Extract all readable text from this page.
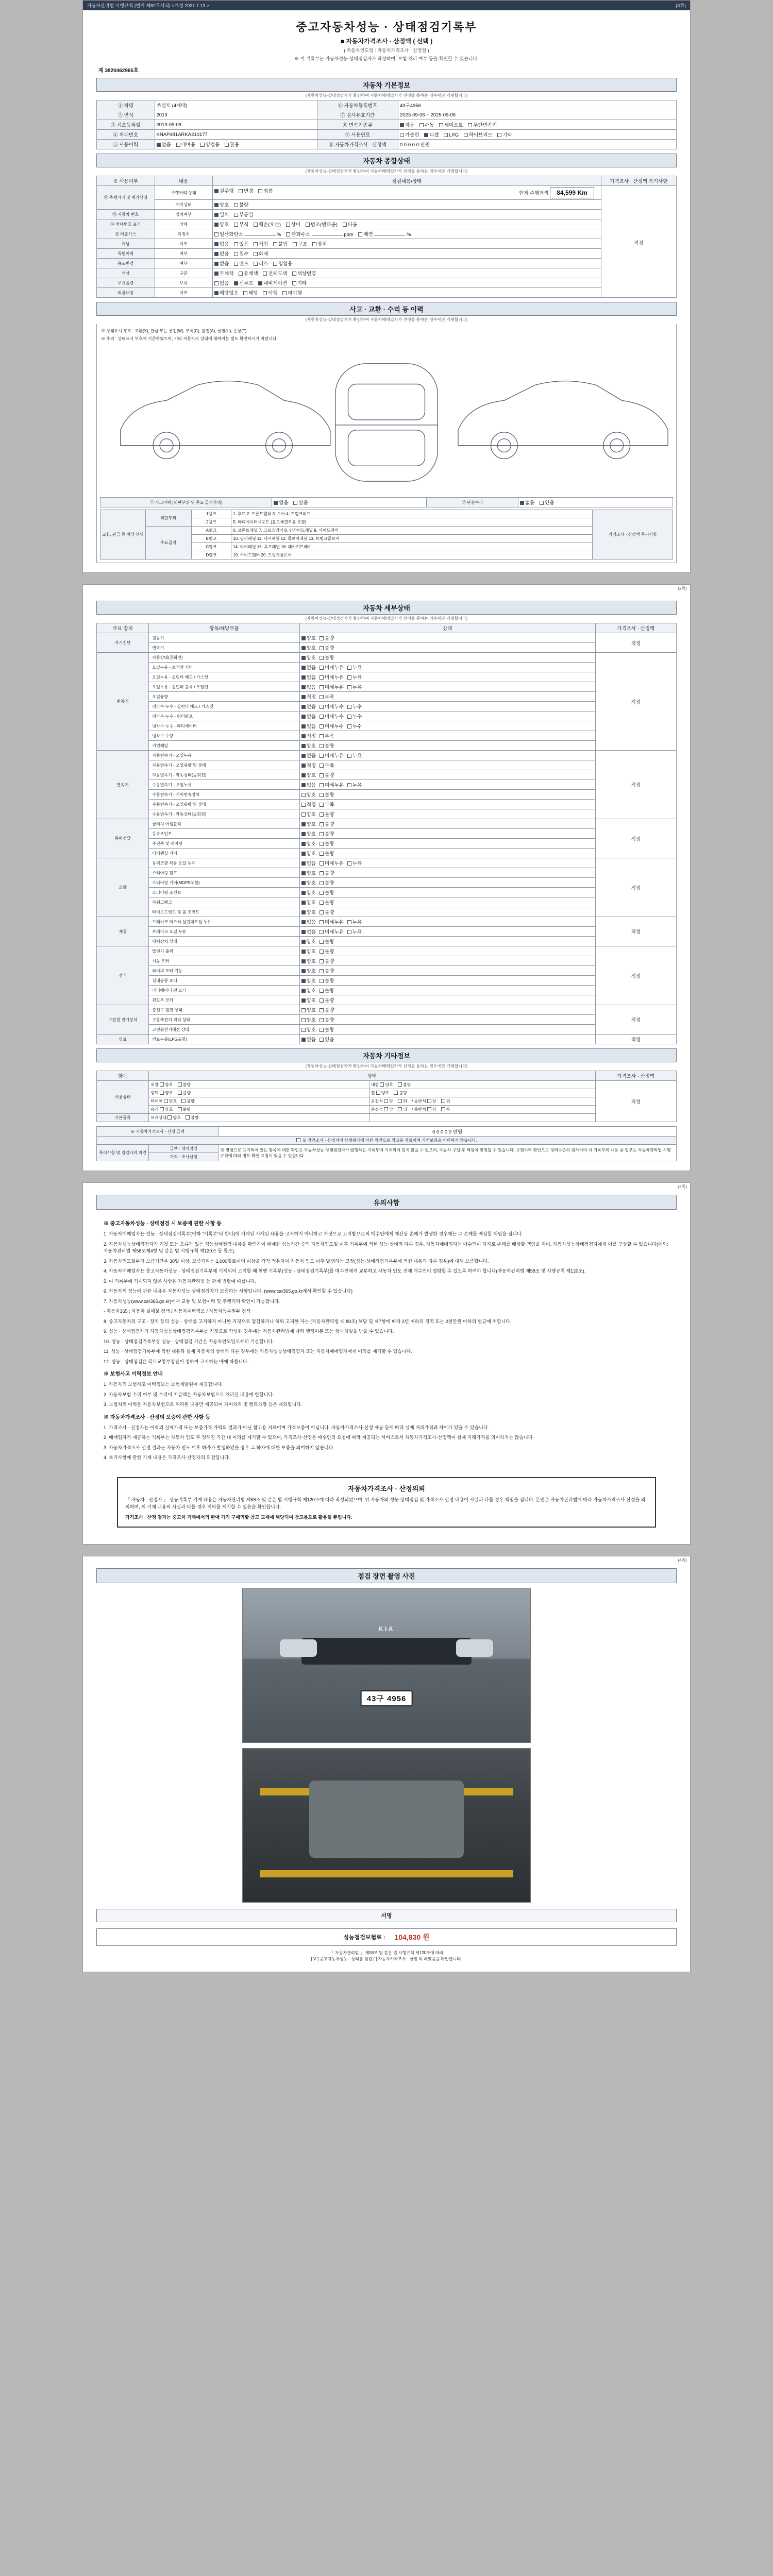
자동차관리법 시행규칙 [별지 제82호서식] <개정 2021.7.13.>	(3쪽)
중고자동차성능 · 상태점검기록부
■ 자동차가격조사 · 산정액 ( 선택 )
( 자동차인도일 : 자동차가격조사 · 산정일 )
※ 이 기록부는 자동차성능·상태점검자가 작성하며, 보험 처리 여부 등을 확인할 수 있습니다.
제 3820462965호
자동차 기본정보
(자동차성능·상태점검자가 확인하여 자동차매매업자가 선정을 통하는 경우에만 기재합니다)
① 차명	쏘렌토 (4세대)	⑥ 자동차등록번호	43구4956
② 연식	2019	⑦ 검사유효기간	2023-09-06 ~ 2025-09-06
③ 최초등록일	2019-09-09	⑧ 변속기종류	자동 수동 세미오토 무단변속기
④ 차대번호	KNAP481ARKA210177	⑨ 사용연료	가솔린 디젤 LPG 하이브리드 기타
⑤ 사용이력	없음 대여용 영업용 관용	⑪ 자동차가격조사 · 산정액	0 0 0 0 0 만원
자동차 종합상태
(자동차성능·상태점검자가 확인하여 자동차매매업자가 선정을 통하는 경우에만 기재합니다)
※ 사용여부	내용	점검내용/상태	가격조사 · 산정액 특기사항
⑫ 주행거리 및 계기상태	주행거리 상태	실주행 변경 멈춤 현재 주행거리 84,599 Km	적정

	계기상태	양호 불량	
⑬ 자동차 번호	일치여부	일치 부동일	
⑭ 차대번호 표기	상태	양호 부식 훼손(오손) 상이 변조(변타공) 타공	
⑮ 배출가스	측정치	일산화탄소 % 탄화수소 ppm 매연 %	
튜닝	여부	없음 있음 적법 불법 구조 장치	
특별이력	여부	없음 침수 화재	
용도변경	여부	없음 렌트 리스 영업용	
색상	구분	무채색 유채색 전체도색 색상변경	
주요옵션	보유	없음 선루프 내비게이션 기타	
리콜대상	여부	해당없음 해당 이행 미이행	
사고 · 교환 · 수리 등 이력
(자동차성능·상태점검자가 확인하여 자동차매매업자가 선정을 통하는 경우에만 기재합니다)
※ 상태표시 부호 : 교환(X), 판금 또는 용접(W), 부식(C), 흠집(A), 굴절(U), 손상(T)
※ 주의 : 상태표시 부호에 기준하였으며, 기타 자동차의 상태에 대하여는 별도 확인하시기 바랍니다.
① 사고이력 (외판부위 및 주요 골격부위)	없음 있음	② 단순수리	없음 있음
교환, 판금 등 이상 부위	외판부위	1랭크	1. 후드 2. 프론트휀더 3. 도어 4. 트렁크리드	가격조사 · 산정액 특기사항
		2랭크	5. 라디에이터서포트 (볼트체결부품 포함)	
	주요골격	A랭크	6. 프론트패널 7. 크로스멤버 8. 인사이드패널 9. 사이드멤버	
		B랭크	10. 필러패널 11. 대시패널 12. 플로어패널 13. 트렁크플로어	
		C랭크	14. 리어패널 15. 루프패널 16. 패키지트레이	
		D랭크	19. 사이드멤버 20. 트렁크플로어	
(2쪽)
자동차 세부상태
(자동차성능·상태점검자가 확인하여 자동차매매업자가 선정을 통하는 경우에만 기재합니다)
주요 장치	항목/해당부품	상태	가격조사 · 산정액
자기진단	원동기	양호 불량	적정
	변속기	양호 불량	
원동기	작동상태(공회전)	양호 불량	적정
	오일누유 - 로커암 커버	없음 미세누유 누유	
	오일누유 - 실린더 헤드 / 가스켓	없음 미세누유 누유	
	오일누유 - 실린더 블록 / 오일팬	없음 미세누유 누유	
	오일유량	적정 부족	
	냉각수 누수 - 실린더 헤드 / 가스켓	없음 미세누수 누수	
	냉각수 누수 - 워터펌프	없음 미세누수 누수	
	냉각수 누수 - 라디에이터	없음 미세누수 누수	
	냉각수 수량	적정 부족	
	커먼레일	양호 불량	
변속기	자동변속기 - 오일누유	없음 미세누유 누유	적정
	자동변속기 - 오일유량 및 상태	적정 부족	
	자동변속기 - 작동상태(공회전)	양호 불량	
	수동변속기 - 오일누유	없음 미세누유 누유	
	수동변속기 - 기어변속장치	양호 불량	
	수동변속기 - 오일유량 및 상태	적정 부족	
	수동변속기 - 작동상태(공회전)	양호 불량	
동력전달	클러치 어셈블리	양호 불량	적정
	등속조인트	양호 불량	
	추진축 및 베어링	양호 불량	
	디퍼렌셜 기어	양호 불량	
조향	동력조향 작동 오일 누유	없음 미세누유 누유	적정
	스티어링 펌프	양호 불량	
	스티어링 기어(MDPS포함)	양호 불량	
	스티어링 조인트	양호 불량	
	파워크랭크	양호 불량	
	타이로드엔드 및 볼 조인트	양호 불량	
제동	브레이크 마스터 실린더오일 누유	없음 미세누유 누유	적정
	브레이크 오일 누유	없음 미세누유 누유	
	배력장치 상태	양호 불량	
전기	발전기 출력	양호 불량	적정
	시동 모터	양호 불량	
	와이퍼 모터 기능	양호 불량	
	실내송풍 모터	양호 불량	
	라디에이터 팬 모터	양호 불량	
	윈도우 모터	양호 불량	
고전원 전기장치	충전구 절연 상태	양호 불량	적정
	구동축전지 격리 상태	양호 불량	
	고전원전기배선 상태	양호 불량	
연료	연료누출(LPG포함)	없음 있음	적정
자동차 기타정보
(자동차성능·상태점검자가 확인하여 자동차매매업자가 선정을 통하는 경우에만 기재합니다)
항목	상태		가격조사 · 산정액
사용상태	외장 양호 불량	내장 양호 불량	적정
	광택 양호 불량	휠 양호 불량	
	타이어 양호 불량	운전석 앞 뒤 / 동반석 앞 뒤	
	유리 양호 불량	운전석 앞 뒤 / 동반석 좌 우	
기본품목	보유상태 양호 불량		
※ 자동차가격조사 · 산정 금액		0 0 0 0 0 만원
※ 가격조사 · 산정자의 상태평가에 따른 의견으로 참고용 자료이며 가격보증을 의미하지 않습니다.		
특이사항 및 점검자의 의견	금액 · 내역점검	※ 별첨으로 표기되어 있는 항목에 대한 확인은 자동차성능·상태점검자가 발행하는 기록부에 기재되어 있지 않을 수 있으며, 자동차 구입 후 책임이 한정될 수 있습니다. 보험이력 확인으로 정리수준의 검사이며 이 기록부의 내용 중 일부는 자동차관리법 시행규칙에 따라 별도 확인 요청이 있을 수 있습니다.
	가격 · 조사산정	
(3쪽)
유의사항
※ 중고자동차성능 · 상태점검 시 보증에 관한 사항 등

1. 자동차매매업자는 성능 · 상태점검기록부(이하 "기록부"라 한다)에 기재된 기재된 내용을 고지하지 아니하고 거짓으로 고지함으로써 매수인에게 재산상 손해가 발생한 경우에는 그 손해를 배상할 책임을 집니다.

2. 자동차성능상태점검자가 거짓 또는 오류가 있는 성능상태점검 내용을 확인하여 매매한 성능기간 중의 자동차인도일 이후 기록부에 적힌 성능·상태와 다른 경우, 자동차매매업자는 매수인이 하자로 손해를 배상할 책임을 지며, 자동차성능상태점검자에게 이를 구상할 수 있습니다(예외: 자동차관리법 제58조제4항 및 같은 법 시행규칙 제120조 등 참조).

3. 자동차인도일부터 보증기간은 30일 이상, 보증거리는 1,000킬로미터 이상을 각각 적용하여 자동차 인도 이후 발생하는 고장(성능·상태점검기록부에 적힌 내용과 다른 경우)에 대해 보증합니다.

4. 자동차매매업자는 중고자동차성능 · 상태점검기록부에 기재되어 고지할 때 현행 기록부(성능 · 상태점검기록부)를 매수인에게 교부하고 자동차 인도 전에 매수인이 열람할 수 있도록 하여야 합니다(자동차관리법 제58조 및 시행규칙 제120조).

5. 이 기록부에 기재되지 않은 사항은 자동차관리법 등 관계 법령에 따릅니다.

6. 자동차의 성능에 관한 내용은 자동차성능·상태점검자가 보증하는 사항입니다. (www.car365.go.kr에서 확인할 수 있습니다)

7. 자동차성능(www.car365.go.kr)에서 교통 및 보험이력 및 주행거리 확인이 가능합니다.

- 자동차365 : 자동차 실매물 검색 / 자동차이력정보 / 자동차등록원부 검색

8. 중고자동차의 구조 · 장치 등의 성능 · 상태를 고지하지 아니한 거짓으로 점검하거나 허위 고지한 자는 (자동차관리법 제 80조) 해당 및 제7항에 따라 2년 이하의 징역 또는 2천만원 이하의 벌금에 처합니다.

9. 성능 · 상태점검자가 자동차성능상태점검기록부를 거짓으로 작성한 경우에는 자동차관리법에 따라 행정처분 또는 형사처벌을 받을 수 있습니다.

10. 성능 · 상태점검기록부상 성능 · 상태점검 기간은 자동차인도일로부터 기산합니다.

11. 성능 · 상태점검기록부에 적힌 내용과 실제 자동차의 상태가 다른 경우에는 자동차성능상태점검자 또는 자동차매매업자에게 이의를 제기할 수 있습니다.

12. 성능 · 상태점검은 국토교통부장관이 정하여 고시하는 바에 따릅니다.

※ 보험사고 이력정보 안내

1. 자동차의 보험사고 이력정보는 보험개발원이 제공합니다.

2. 자동차보험 수리 여부 및 수리비 지급액은 자동차보험으로 처리된 내용에 한합니다.

3. 보험처리 이력은 자동차보험으로 처리된 내용만 제공되며 자비처리 및 렌트차량 등은 제외됩니다.

※ 자동차가격조사 · 산정의 보증에 관한 사항 등

1. 가격조사 · 산정자는 이력의 실제가격 또는 보증가격 가액의 결과가 아닌 참고용 자료이며 가격보증이 아닙니다. 자동차가격조사·산정 제공 등에 따라 실제 거래가격과 차이가 있을 수 있습니다.

2. 매매업자가 제공하는 기록부는 자동차 인도 후 정해진 기간 내 이의를 제기할 수 있으며, 가격조사·산정은 매수인의 요청에 따라 제공되는 서비스로서 자동차가격조사·산정액이 실제 거래가격을 의미하지는 않습니다.

3. 자동차가격조사·산정 결과는 자동차 인도 이후 하자가 발생하였을 경우 그 하자에 대한 보증을 의미하지 않습니다.

4. 특기사항에 관한 기재 내용은 가격조사·산정자의 의견입니다.

자동차가격조사 · 산정의뢰
「 자동차 · 산정자 」 성능기록부 기재 내용은 자동차관리법 제58조 및 같은 법 시행규칙 제120조에 따라 작성되었으며, 위 자동차의 성능·상태점검 및 가격조사·산정 내용이 사실과 다를 경우 책임을 집니다. 본인은 자동차관리법에 따라 자동차가격조사·산정을 의뢰하며, 위 기재 내용의 사실과 다를 경우 이의를 제기할 수 있음을 확인합니다.
가격조사 · 산정 결과는 중고차 거래에서의 판매 가격 구매역할 참고 교재에 해당되며 참고용으로 활용될 뿐입니다.
(4쪽)
점검 장면 촬영 사진
KIA
43구 4956
서명
성능점검보험료 : 104,830 원
「 자동차관리법 」 제58조 및 같은 법 시행규칙 제120조에 따라
[ Ⅴ ] 중고자동차성능 · 상태를 점검 [ ] 자동차가격조사 · 산정 하 하였음을 확인합니다.
